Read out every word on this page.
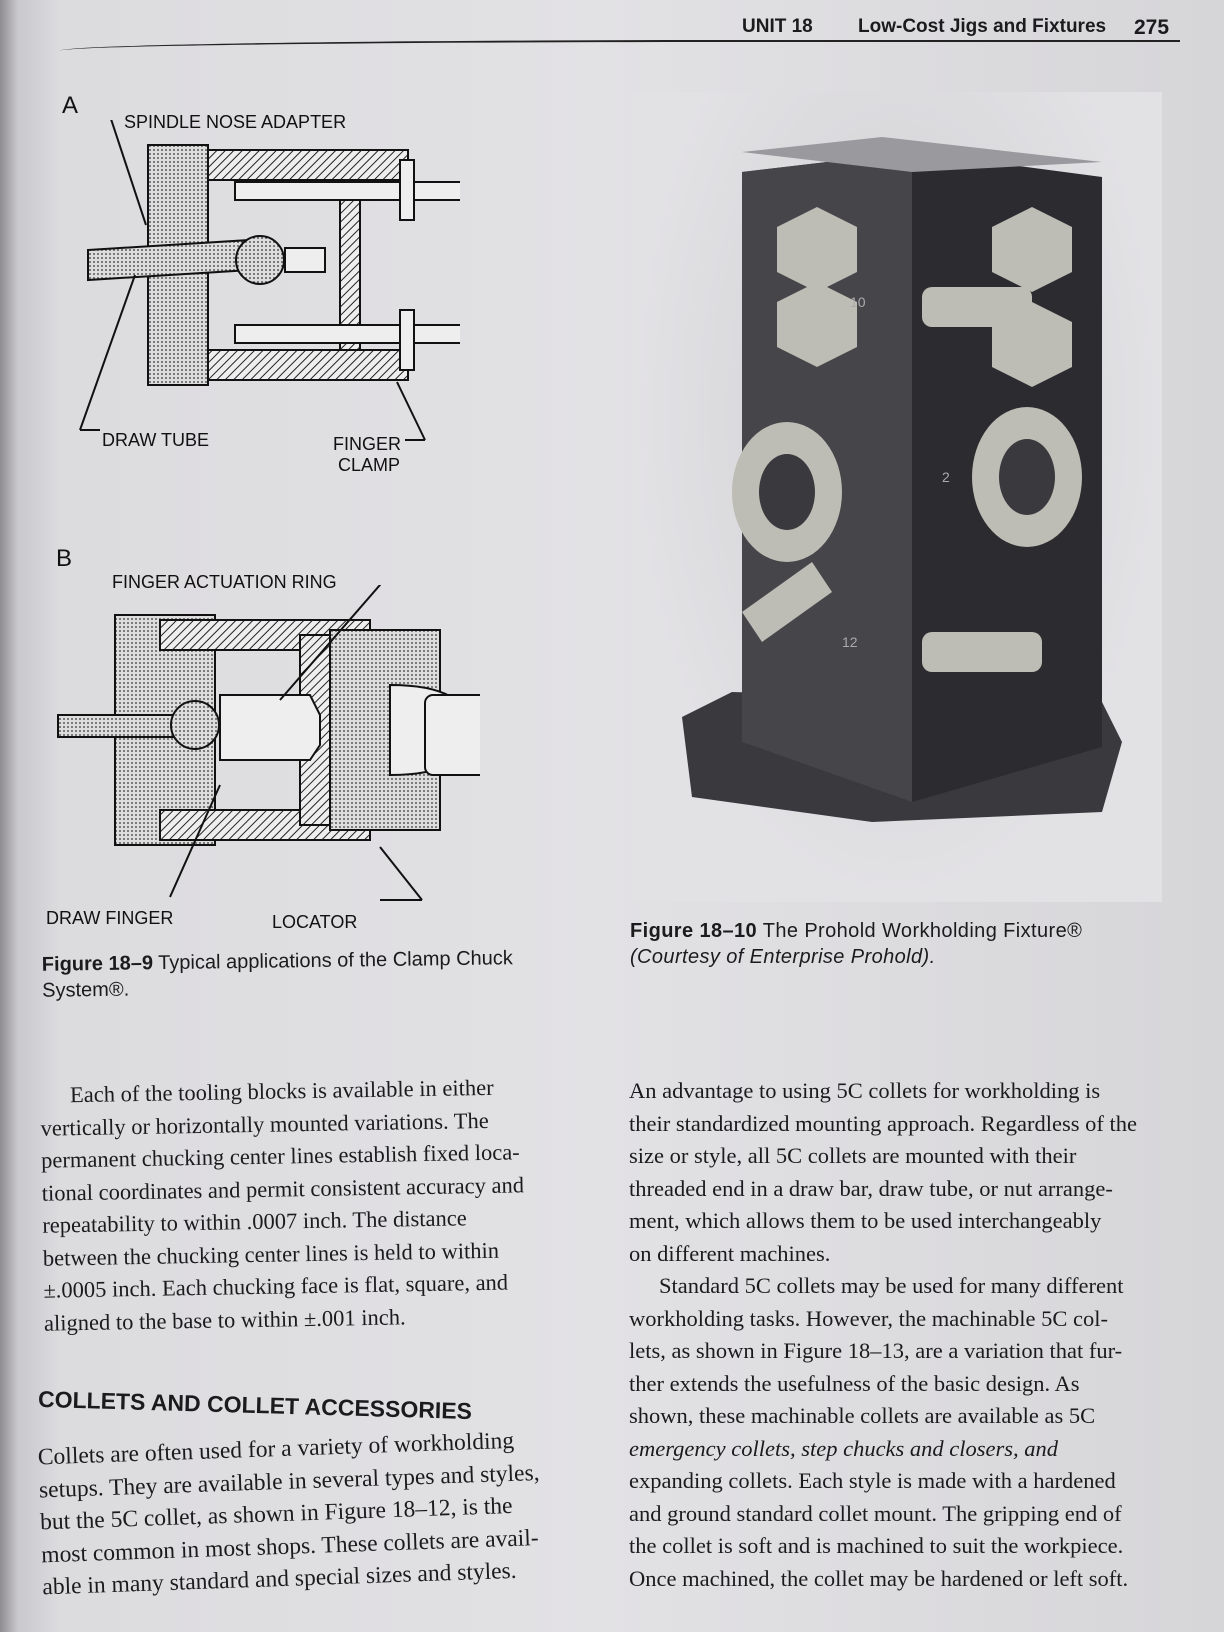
UNIT 18 Low-Cost Jigs and Fixtures 275
A
SPINDLE NOSE ADAPTER
DRAW TUBE	FINGER
CLAMP
B
FINGER ACTUATION RING
DRAW FINGER	LOCATOR
Figure 18–9 Typical applications of the Clamp Chuck
System®.
10
2
12
Figure 18–10 The Prohold Workholding Fixture®
(Courtesy of Enterprise Prohold).
Each of the tooling blocks is available in either
vertically or horizontally mounted variations. The
permanent chucking center lines establish fixed loca-
tional coordinates and permit consistent accuracy and
repeatability to within .0007 inch. The distance
between the chucking center lines is held to within
±.0005 inch. Each chucking face is flat, square, and
aligned to the base to within ±.001 inch.
COLLETS AND COLLET ACCESSORIES
Collets are often used for a variety of workholding
setups. They are available in several types and styles,
but the 5C collet, as shown in Figure 18–12, is the
most common in most shops. These collets are avail-
able in many standard and special sizes and styles.
An advantage to using 5C collets for workholding is
their standardized mounting approach. Regardless of the
size or style, all 5C collets are mounted with their
threaded end in a draw bar, draw tube, or nut arrange-
ment, which allows them to be used interchangeably
on different machines.
Standard 5C collets may be used for many different
workholding tasks. However, the machinable 5C col-
lets, as shown in Figure 18–13, are a variation that fur-
ther extends the usefulness of the basic design. As
shown, these machinable collets are available as 5C
emergency collets, step chucks and closers, and
expanding collets. Each style is made with a hardened
and ground standard collet mount. The gripping end of
the collet is soft and is machined to suit the workpiece.
Once machined, the collet may be hardened or left soft.
